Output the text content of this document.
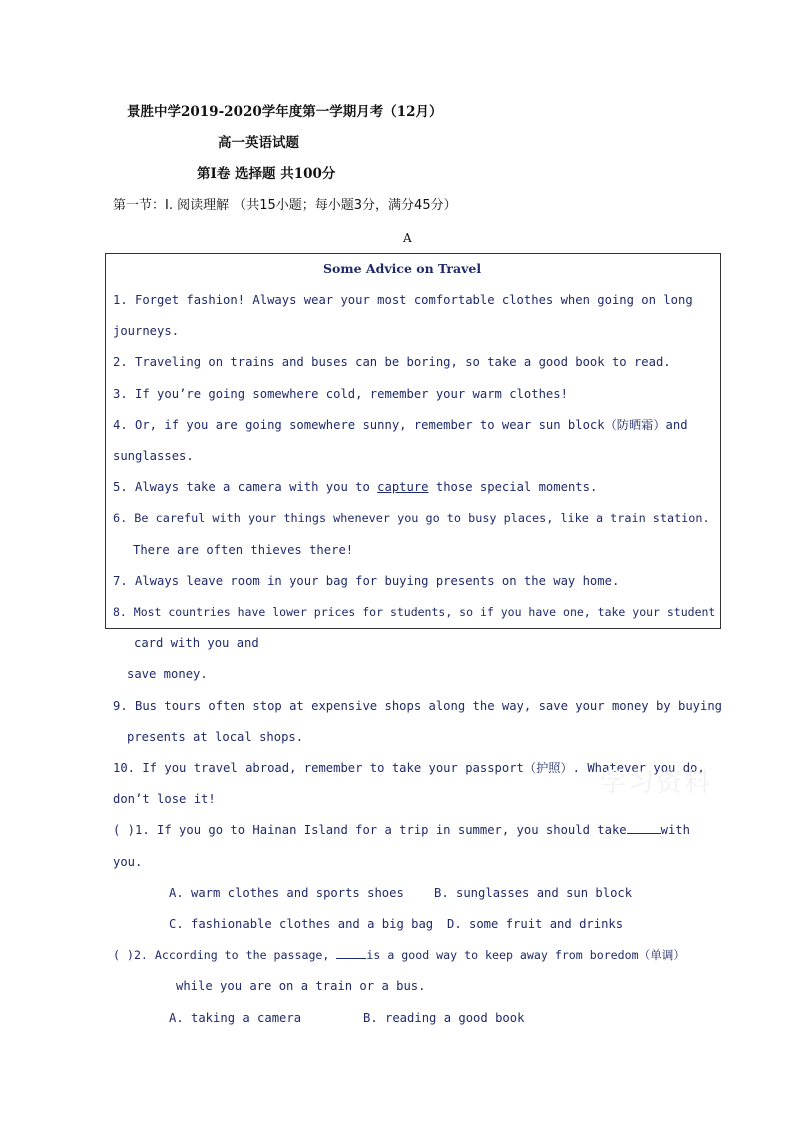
景胜中学2019-2020学年度第一学期月考（12月）
高一英语试题
第Ⅰ卷 选择题 共100分
第一节：I. 阅读理解 （共15小题；每小题3分，满分45分）
A
Some Advice on Travel
1. Forget fashion! Always wear your most comfortable clothes when going on long
journeys.
2. Traveling on trains and buses can be boring, so take a good book to read.
3. If you’re going somewhere cold, remember your warm clothes!
4. Or, if you are going somewhere sunny, remember to wear sun block（防晒霜）and
sunglasses.
5. Always take a camera with you to capture those special moments.
6. Be careful with your things whenever you go to busy places, like a train station.
There are often thieves there!
7. Always leave room in your bag for buying presents on the way home.
8. Most countries have lower prices for students, so if you have one, take your student
card with you and
save money.
9. Bus tours often stop at expensive shops along the way, save your money by buying
presents at local shops.
10. If you travel abroad, remember to take your passport（护照）. Whatever you do,
don’t lose it!
学习资料
( )1. If you go to Hainan Island for a trip in summer, you should take	with
you.
A. warm clothes and sports shoes B. sunglasses and sun block
C. fashionable clothes and a big bag D. some fruit and drinks
( )2. According to the passage,	is a good way to keep away from boredom（单调）
while you are on a train or a bus.
A. taking a camera	B. reading a good book
